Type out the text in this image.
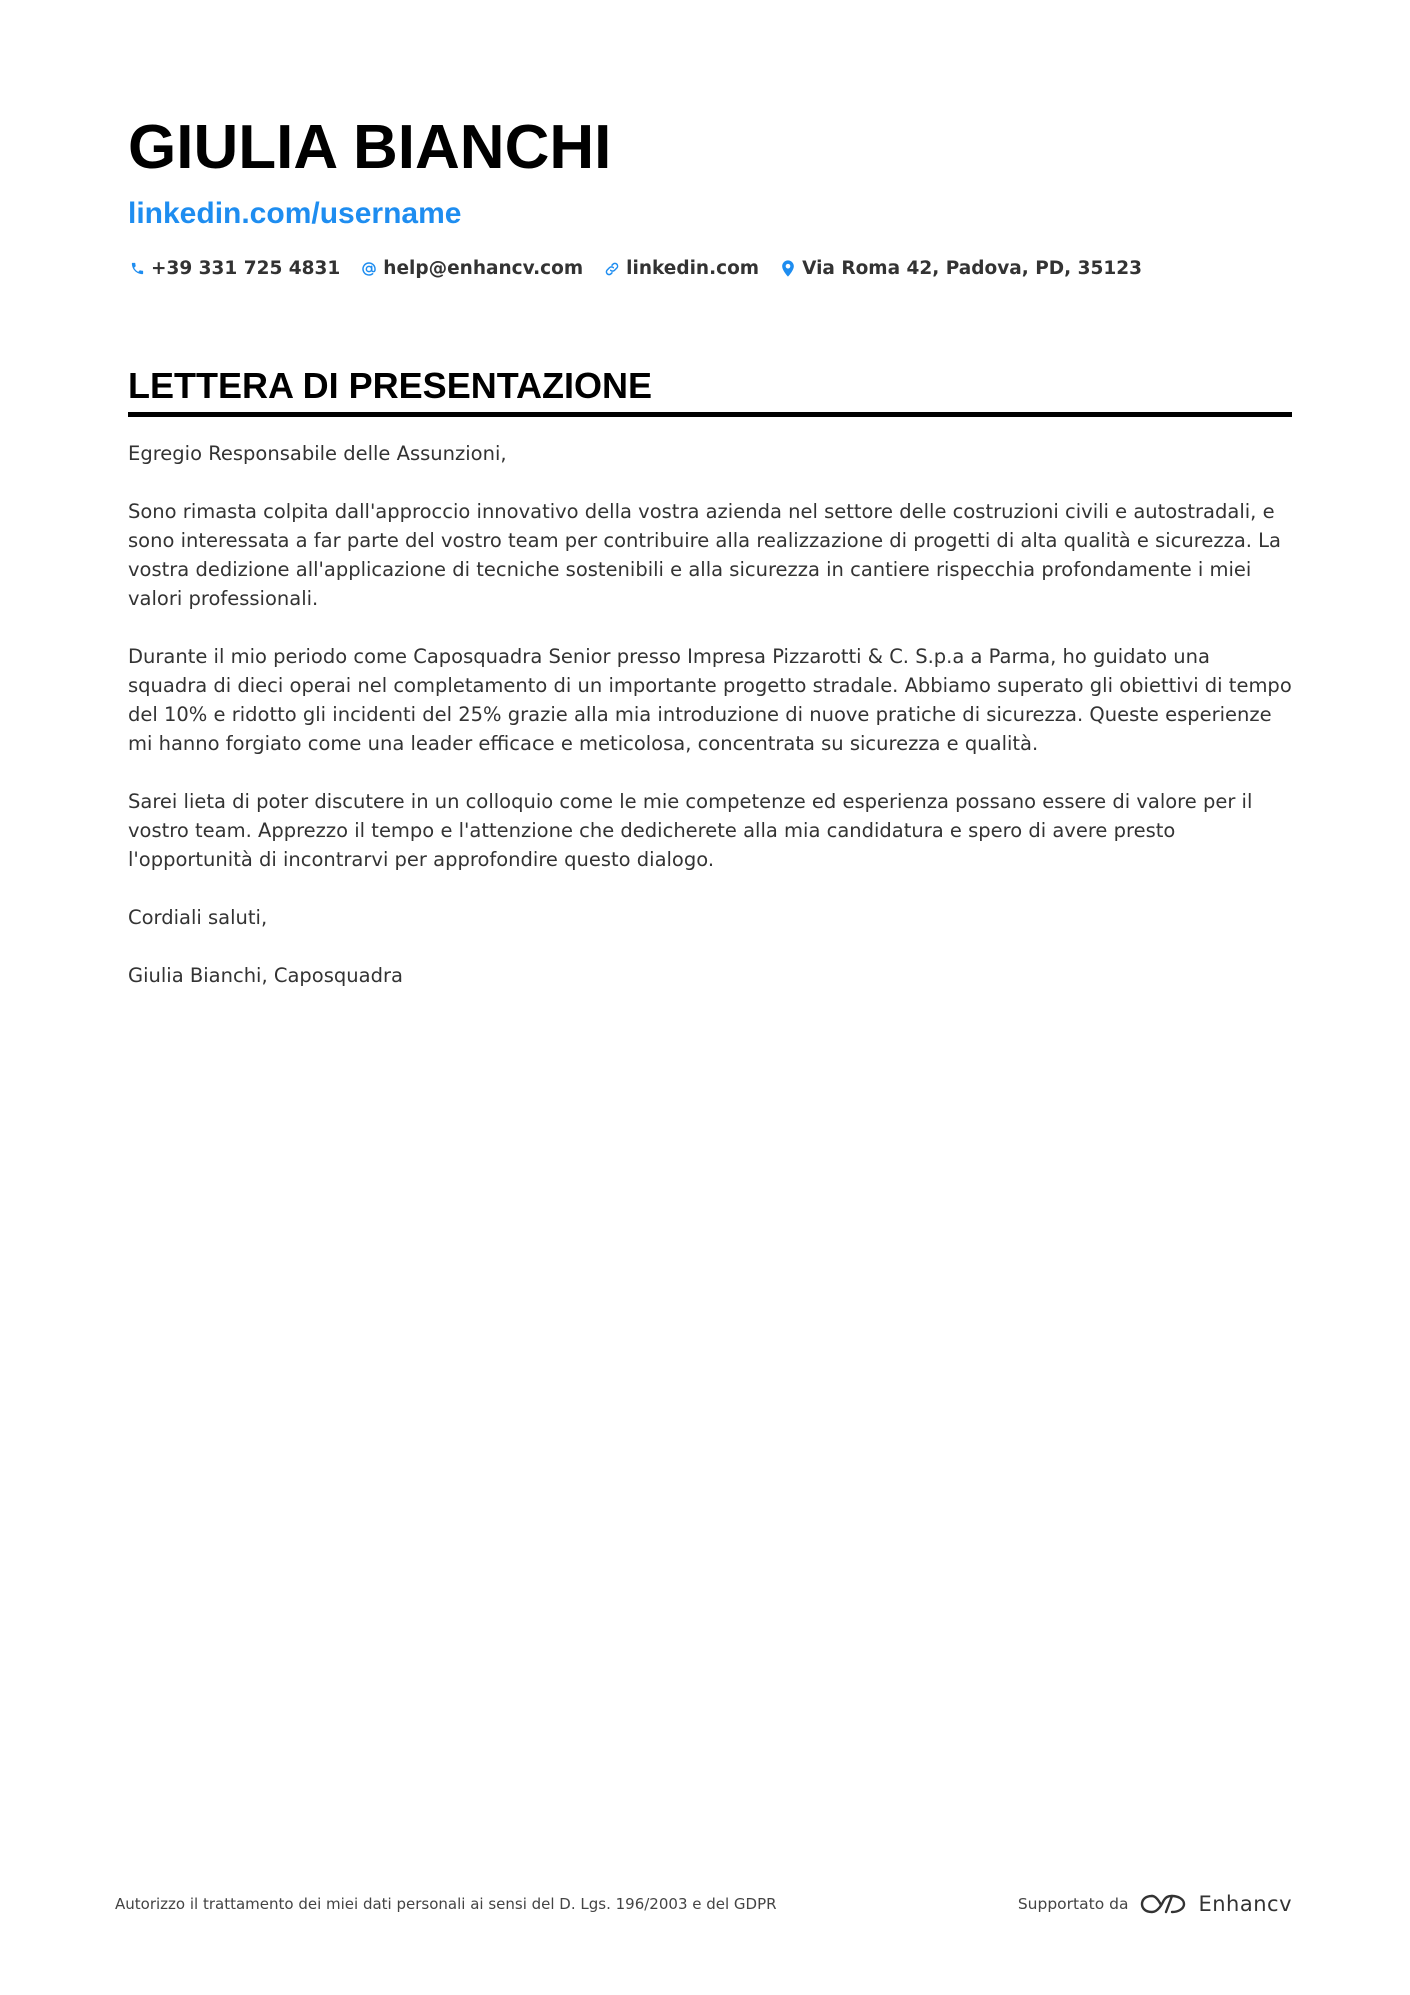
GIULIA BIANCHI
linkedin.com/username
+39 331 725 4831 help@enhancv.com linkedin.com Via Roma 42, Padova, PD, 35123
LETTERA DI PRESENTAZIONE

Egregio Responsabile delle Assunzioni,

Sono rimasta colpita dall'approccio innovativo della vostra azienda nel settore delle costruzioni civili e autostradali, e sono interessata a far parte del vostro team per contribuire alla realizzazione di progetti di alta qualità e sicurezza. La vostra dedizione all'applicazione di tecniche sostenibili e alla sicurezza in cantiere rispecchia profondamente i miei valori professionali.

Durante il mio periodo come Caposquadra Senior presso Impresa Pizzarotti & C. S.p.a a Parma, ho guidato una squadra di dieci operai nel completamento di un importante progetto stradale. Abbiamo superato gli obiettivi di tempo del 10% e ridotto gli incidenti del 25% grazie alla mia introduzione di nuove pratiche di sicurezza. Queste esperienze mi hanno forgiato come una leader efficace e meticolosa, concentrata su sicurezza e qualità.

Sarei lieta di poter discutere in un colloquio come le mie competenze ed esperienza possano essere di valore per il vostro team. Apprezzo il tempo e l'attenzione che dedicherete alla mia candidatura e spero di avere presto l'opportunità di incontrarvi per approfondire questo dialogo.

Cordiali saluti,

Giulia Bianchi, Caposquadra

Autorizzo il trattamento dei miei dati personali ai sensi del D. Lgs. 196/2003 e del GDPR	Supportato da	Enhancv
